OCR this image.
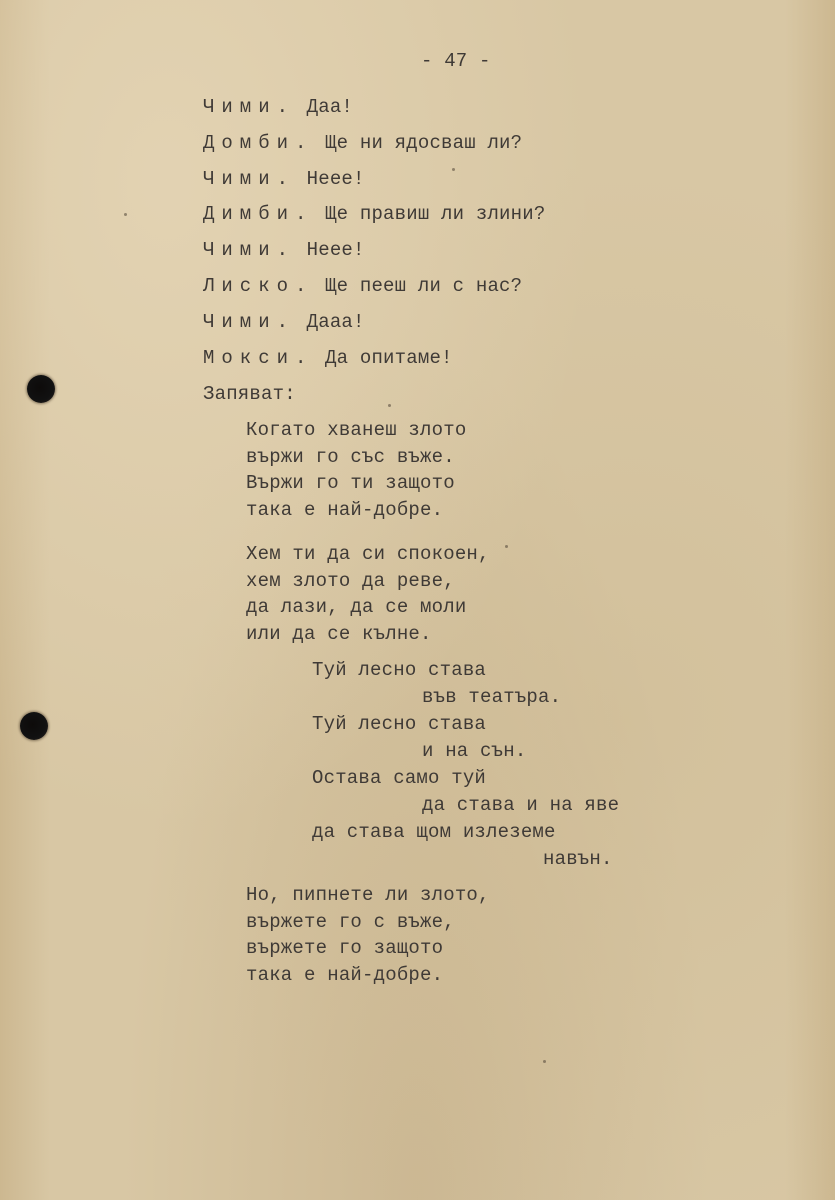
- 47 -
Чими. Даа!
Домби. Ще ни ядосваш ли?
Чими. Неее!
Димби. Ще правиш ли злини?
Чими. Неее!
Лиско. Ще пееш ли с нас?
Чими. Дааа!
Мокси. Да опитаме!
Запяват:
Когато хванеш злото
вържи го със въже.
Вържи го ти защото
така е най-добре.
Хем ти да си спокоен,
хем злото да реве,
да лази, да се моли
или да се кълне.
Туй лесно става
във театъра.
Туй лесно става
и на сън.
Остава само туй
да става и на яве
да става щом излеземе
навън.
Но, пипнете ли злото,
вържете го с въже,
вържете го защото
така е най-добре.
